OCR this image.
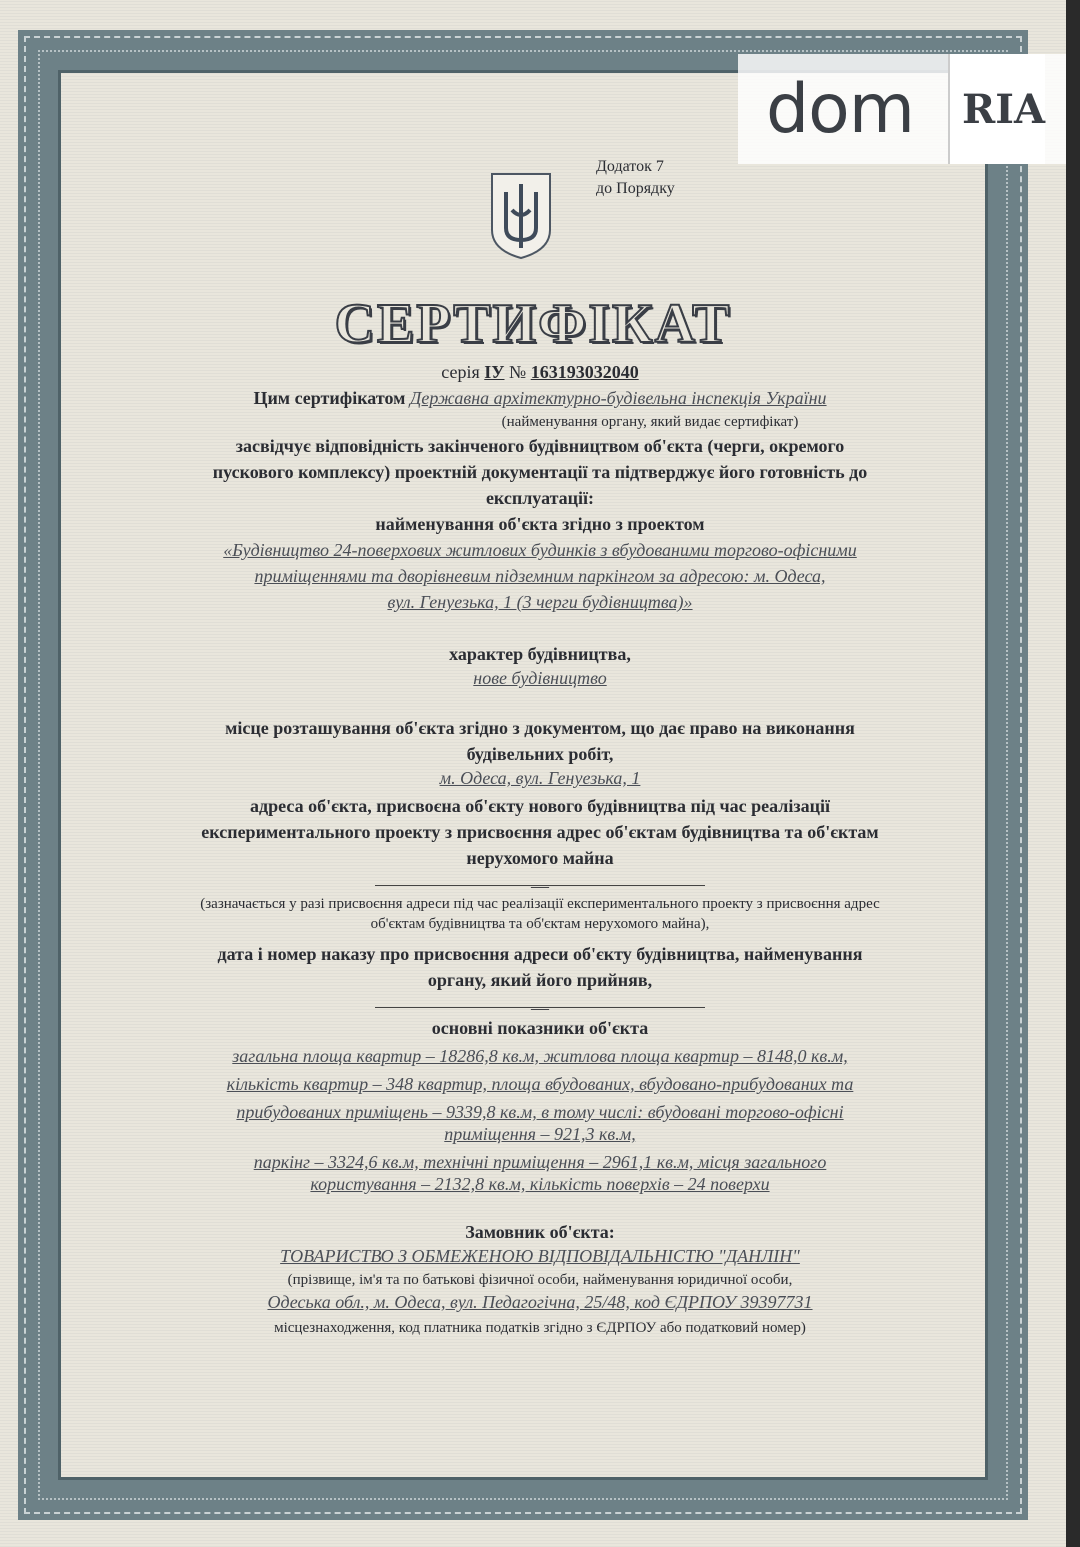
dom	RIA
Додаток 7
до Порядку
СЕРТИФІКАТ
серія IУ № 163193032040
Цим сертифікатом Державна архітектурно-будівельна інспекція України
(найменування органу, який видає сертифікат)
засвідчує відповідність закінченого будівництвом об'єкта (черги, окремого
пускового комплексу) проектній документації та підтверджує його готовність до
експлуатації:
найменування об'єкта згідно з проектом
«Будівництво 24-поверхових житлових будинків з вбудованими торгово-офісними
приміщеннями та дворівневим підземним паркінгом за адресою: м. Одеса,
вул. Генуезька, 1 (3 черги будівництва)»
характер будівництва,
нове будівництво
місце розташування об'єкта згідно з документом, що дає право на виконання
будівельних робіт,
м. Одеса, вул. Генуезька, 1
адреса об'єкта, присвоєна об'єкту нового будівництва під час реалізації
експериментального проекту з присвоєння адрес об'єктам будівництва та об'єктам
нерухомого майна
—
(зазначається у разі присвоєння адреси під час реалізації експериментального проекту з присвоєння адрес
об'єктам будівництва та об'єктам нерухомого майна),
дата і номер наказу про присвоєння адреси об'єкту будівництва, найменування
органу, який його прийняв,
—
основні показники об'єкта
загальна площа квартир – 18286,8 кв.м, житлова площа квартир – 8148,0 кв.м,
кількість квартир – 348 квартир, площа вбудованих, вбудовано-прибудованих та
прибудованих приміщень – 9339,8 кв.м, в тому числі: вбудовані торгово-офісні
приміщення – 921,3 кв.м,
паркінг – 3324,6 кв.м, технічні приміщення – 2961,1 кв.м, місця загального
користування – 2132,8 кв.м, кількість поверхів – 24 поверхи
Замовник об'єкта:
ТОВАРИСТВО З ОБМЕЖЕНОЮ ВІДПОВІДАЛЬНІСТЮ "ДАНЛІН"
(прізвище, ім'я та по батькові фізичної особи, найменування юридичної особи,
Одеська обл., м. Одеса, вул. Педагогічна, 25/48, код ЄДРПОУ 39397731
місцезнаходження, код платника податків згідно з ЄДРПОУ або податковий номер)
